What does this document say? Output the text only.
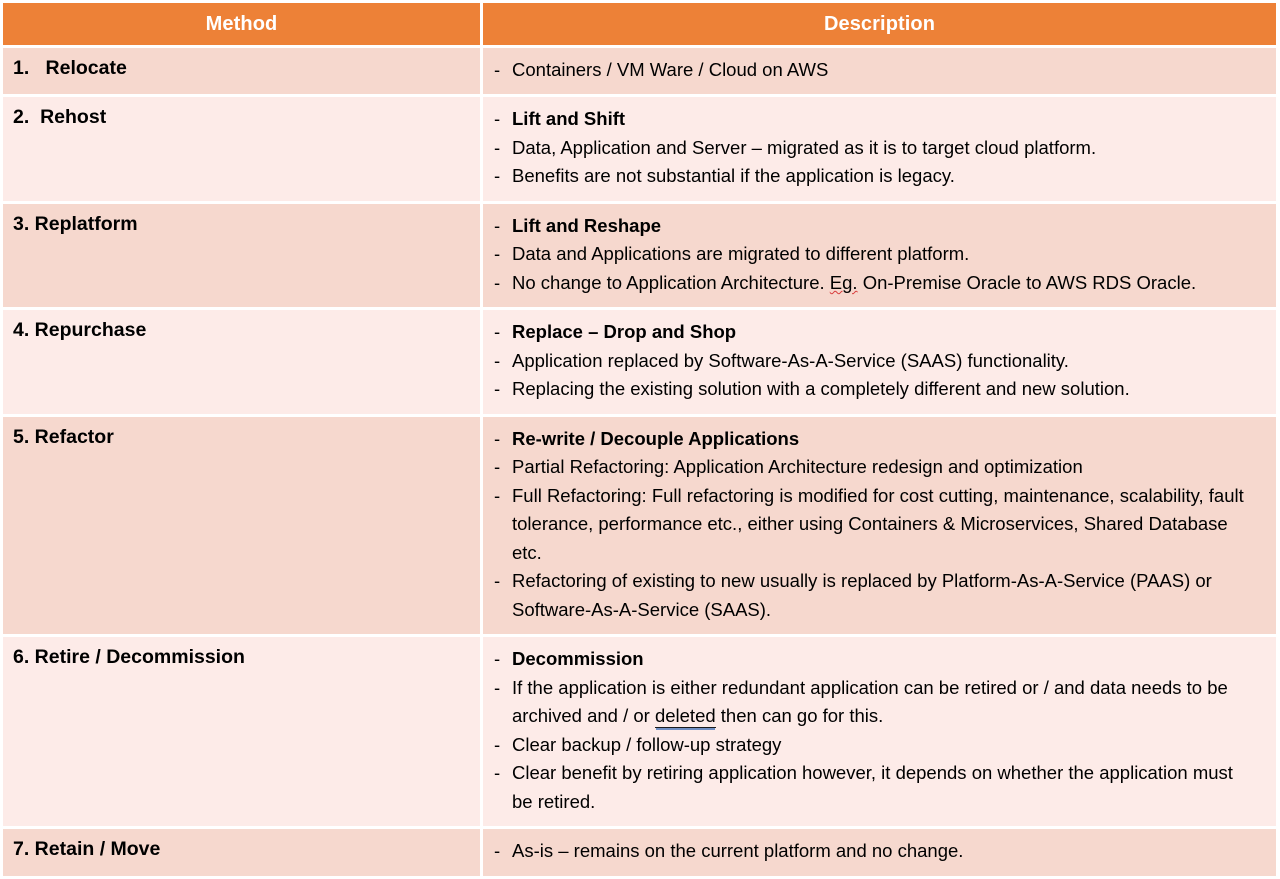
Method	Description

1.   Relocate	- Containers / VM Ware / Cloud on AWS

2.  Rehost	- Lift and Shift
- Data, Application and Server – migrated as it is to target cloud platform.
- Benefits are not substantial if the application is legacy.

3. Replatform	- Lift and Reshape
- Data and Applications are migrated to different platform.
- No change to Application Architecture. Eg. On-Premise Oracle to AWS RDS Oracle.

4. Repurchase	- Replace – Drop and Shop
- Application replaced by Software-As-A-Service (SAAS) functionality.
- Replacing the existing solution with a completely different and new solution.

5. Refactor	- Re-write / Decouple Applications
- Partial Refactoring: Application Architecture redesign and optimization
- Full Refactoring: Full refactoring is modified for cost cutting, maintenance, scalability, fault tolerance, performance etc., either using Containers & Microservices, Shared Database etc.
- Refactoring of existing to new usually is replaced by Platform-As-A-Service (PAAS) or Software-As-A-Service (SAAS).

6. Retire / Decommission	- Decommission
- If the application is either redundant application can be retired or / and data needs to be archived and / or deleted then can go for this.
- Clear backup / follow-up strategy
- Clear benefit by retiring application however, it depends on whether the application must be retired.

7. Retain / Move	- As-is – remains on the current platform and no change.
